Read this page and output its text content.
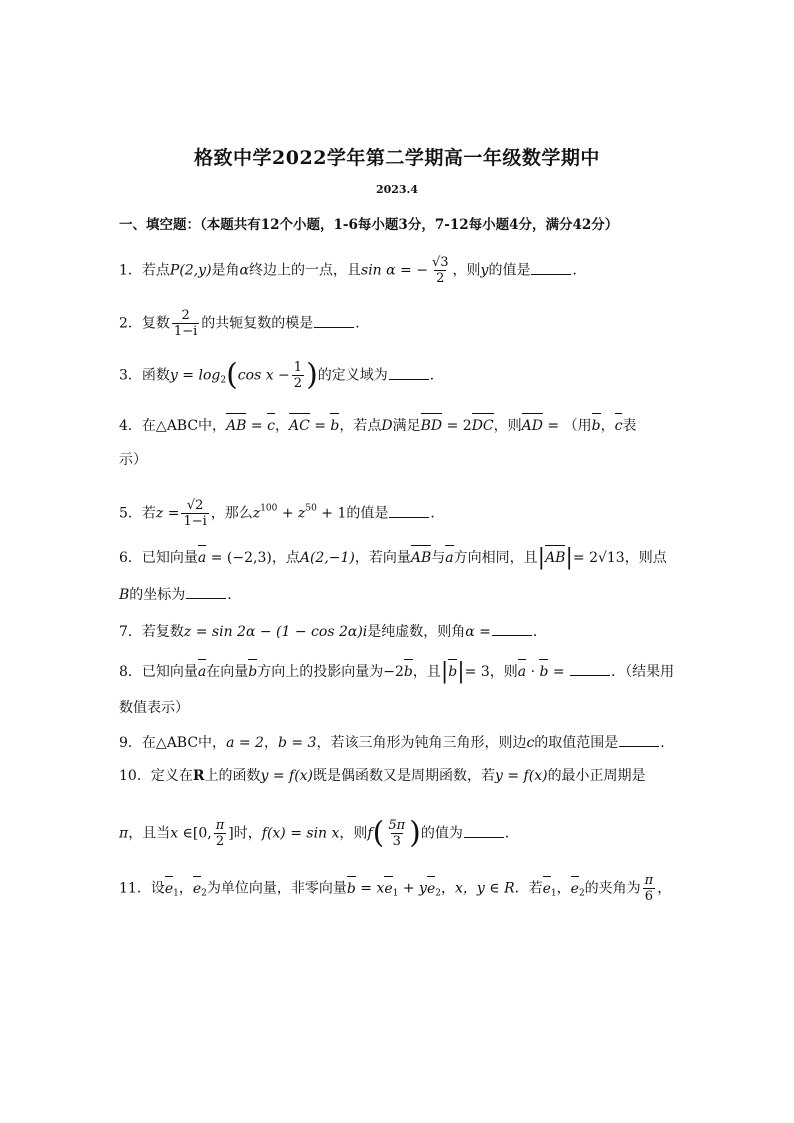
格致中学2022学年第二学期高一年级数学期中
2023.4
一、填空题：（本题共有12个小题，1-6每小题3分，7-12每小题4分，满分42分）
1．若点P(2,y)是角α终边上的一点，且sin α = − $\frac{√3}{2}$ ，则y的值是	．
2．复数 $\frac{2}{1-i}$ 的共轭复数的模是	．
3．函数$y = \log_2(\cos$ $x - \frac{1}{2}$ )的定义域为	．
4．在△ABC中，AB = c，AC = b，若点D满足BD = 2DC，则AD = （用b，c表
示）
5．若$z = \frac{√2}{1-i}$ ，那么$z^{100} + z^{50} + 1$的值是	．
6．已知向量a = (−2,3)，点A(2,−1)，若向量AB与a方向相同，且|AB|= 2√13，则点
B的坐标为	．
7．若复数z = sin 2α − (1 − cos 2α)i是纯虚数，则角α =	．
8．已知向量a在向量b方向上的投影向量为−2b，且|b|= 3，则a · b =	．（结果用
数值表示）
9．在△ABC中，a = 2，b = 3，若该三角形为钝角三角形，则边c的取值范围是	．
10．定义在R上的函数y = f(x)既是偶函数又是周期函数，若y = f(x)的最小正周期是
π，且当x ∈[0, $\frac{\pi}{2}$ ]时，f(x) = sin x，则$f( \frac{5\pi}{3}$ )的值为	．
11．设$e_1$，$e_2$为单位向量，非零向量$b = xe_1 + ye_2$，x，y ∈ R．若$e_1$，$e_2$的夹角为 $\frac{\pi}{6}$ ，
